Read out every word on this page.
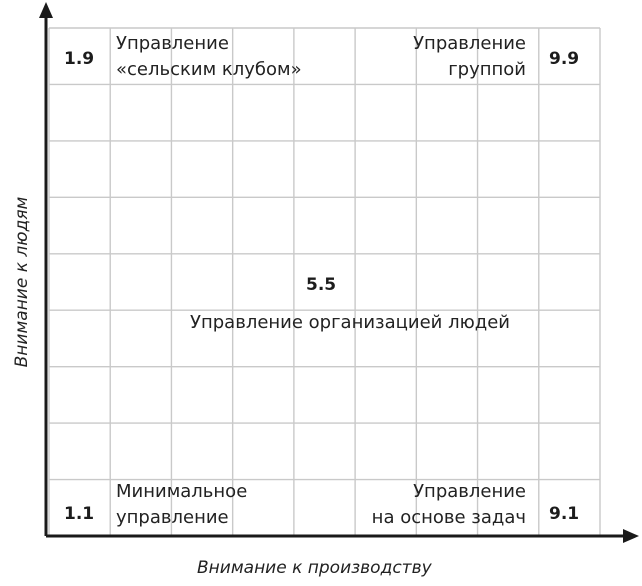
1.9
Управление
«сельским клубом»	9.9
Управление
группой
5.5
Управление организацией людей
1.1
Минимальное
управление	9.1
Управление
на основе задач
Внимание к производству
Внимание к людям
